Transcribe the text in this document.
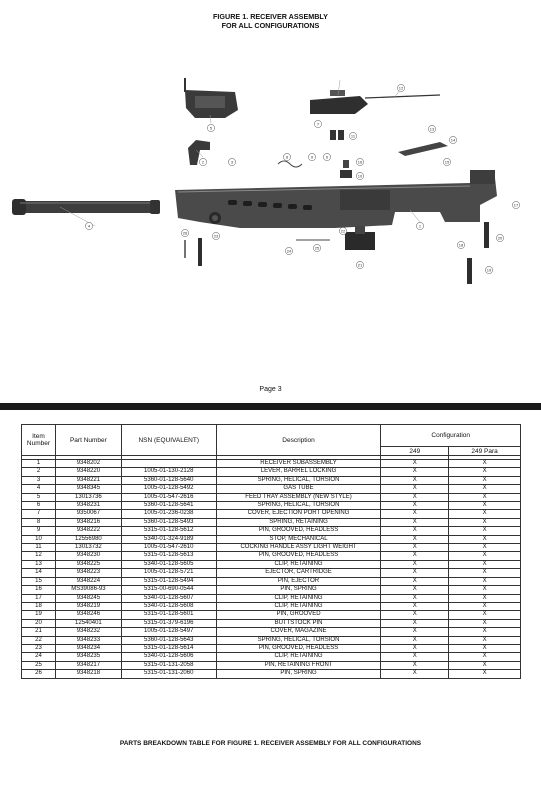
FIGURE 1. RECEIVER ASSEMBLY
FOR ALL CONFIGURATIONS
1
2	3
4
5
6
7
8
10
11
12
13
14
15
16
17
18
19
20
21
22
23
24
25
26
9
Page 3
Item Number	Part Number	NSN (EQUIVALENT)	Description	Configuration	
				249	249 Para

1	9348202		RECEIVER SUBASSEMBLY	X	X
2	9348220	1005-01-130-2128	LEVER, BARREL LOCKING	X	X
3	9348221	5360-01-128-5640	SPRING, HELICAL, TORSION	X	X
4	9348345	1005-01-128-5492	GAS TUBE	X	X
5	13013736	1005-01-547-2616	FEED TRAY ASSEMBLY (NEW STYLE)	X	X
6	9348231	5360-01-128-5641	SPRING, HELICAL, TORSION	X	X
7	9350067	1005-01-236-0238	COVER, EJECTION PORT OPENING	X	X
8	9348216	5360-01-128-5493	SPRING, RETAINING	X	X
9	9348222	5315-01-128-5612	PIN, GROOVED, HEADLESS	X	X
10	12556980	5340-01-324-9189	STOP, MECHANICAL	X	X
11	13013732	1005-01-547-2610	COCKING HANDLE ASSY LIGHT WEIGHT	X	X
12	9348230	5315-01-128-5613	PIN, GROOVED, HEADLESS	X	X
13	9348225	5340-01-128-5605	CLIP, RETAINING	X	X
14	9348223	1005-01-128-5721	EJECTOR, CARTRIDGE	X	X
15	9348224	5315-01-128-5494	PIN, EJECTOR	X	X
16	MS39086-93	5315-00-690-0544	PIN, SPRING	X	X
17	9348245	5340-01-128-5607	CLIP, RETAINING	X	X
18	9348219	5340-01-128-5608	CLIP, RETAINING	X	X
19	9348246	5315-01-128-5601	PIN, GROOVED	X	X
20	12540401	5315-01-379-6196	BUTTSTOCK PIN	X	X
21	9348232	1005-01-128-5497	COVER, MAGAZINE	X	X
22	9348233	5360-01-128-5643	SPRING, HELICAL, TORSION	X	X
23	9348234	5315-01-128-5614	PIN, GROOVED, HEADLESS	X	X
24	9348235	5340-01-128-5606	CLIP, RETAINING	X	X
25	9348217	5315-01-131-2058	PIN, RETAINING FRONT	X	X
26	9348218	5315-01-131-2060	PIN, SPRING	X	X
PARTS BREAKDOWN TABLE FOR FIGURE 1. RECEIVER ASSEMBLY FOR ALL CONFIGURATIONS
